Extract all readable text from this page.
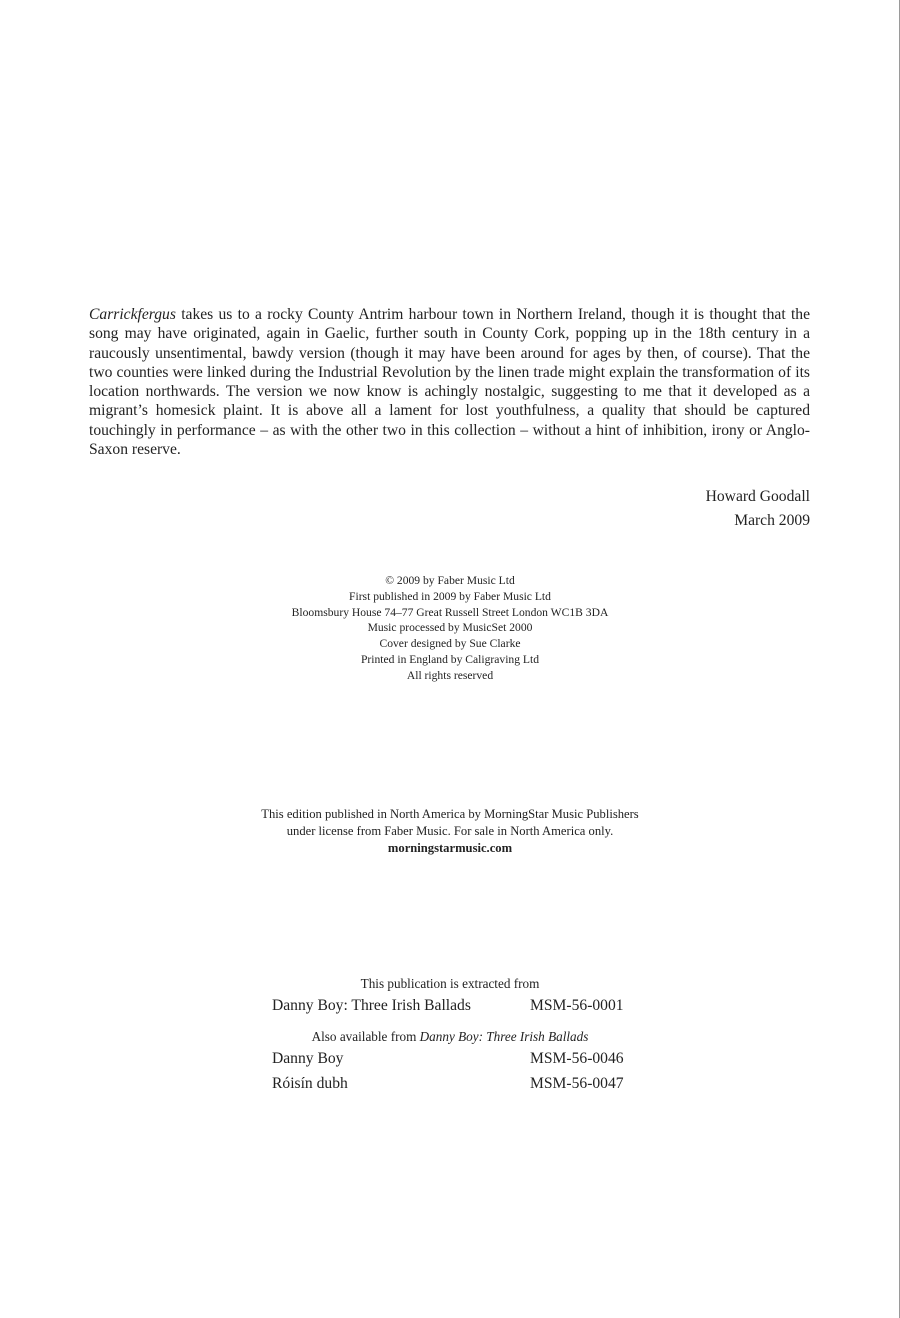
Carrickfergus takes us to a rocky County Antrim harbour town in Northern Ireland, though it is thought that the song may have originated, again in Gaelic, further south in County Cork, popping up in the 18th century in a raucously unsentimental, bawdy version (though it may have been around for ages by then, of course). That the two counties were linked during the Industrial Revolution by the linen trade might explain the transformation of its location northwards. The version we now know is achingly nostalgic, suggesting to me that it developed as a migrant’s homesick plaint. It is above all a lament for lost youthfulness, a quality that should be captured touchingly in performance – as with the other two in this collection – without a hint of inhibition, irony or Anglo-Saxon reserve.

Howard Goodall
March 2009
© 2009 by Faber Music Ltd
First published in 2009 by Faber Music Ltd
Bloomsbury House 74–77 Great Russell Street London WC1B 3DA
Music processed by MusicSet 2000
Cover designed by Sue Clarke
Printed in England by Caligraving Ltd
All rights reserved
This edition published in North America by MorningStar Music Publishers
under license from Faber Music. For sale in North America only.
morningstarmusic.com
This publication is extracted from
Danny Boy: Three Irish Ballads	MSM-56-0001
Also available from Danny Boy: Three Irish Ballads
Danny Boy	MSM-56-0046
Róisín dubh	MSM-56-0047
